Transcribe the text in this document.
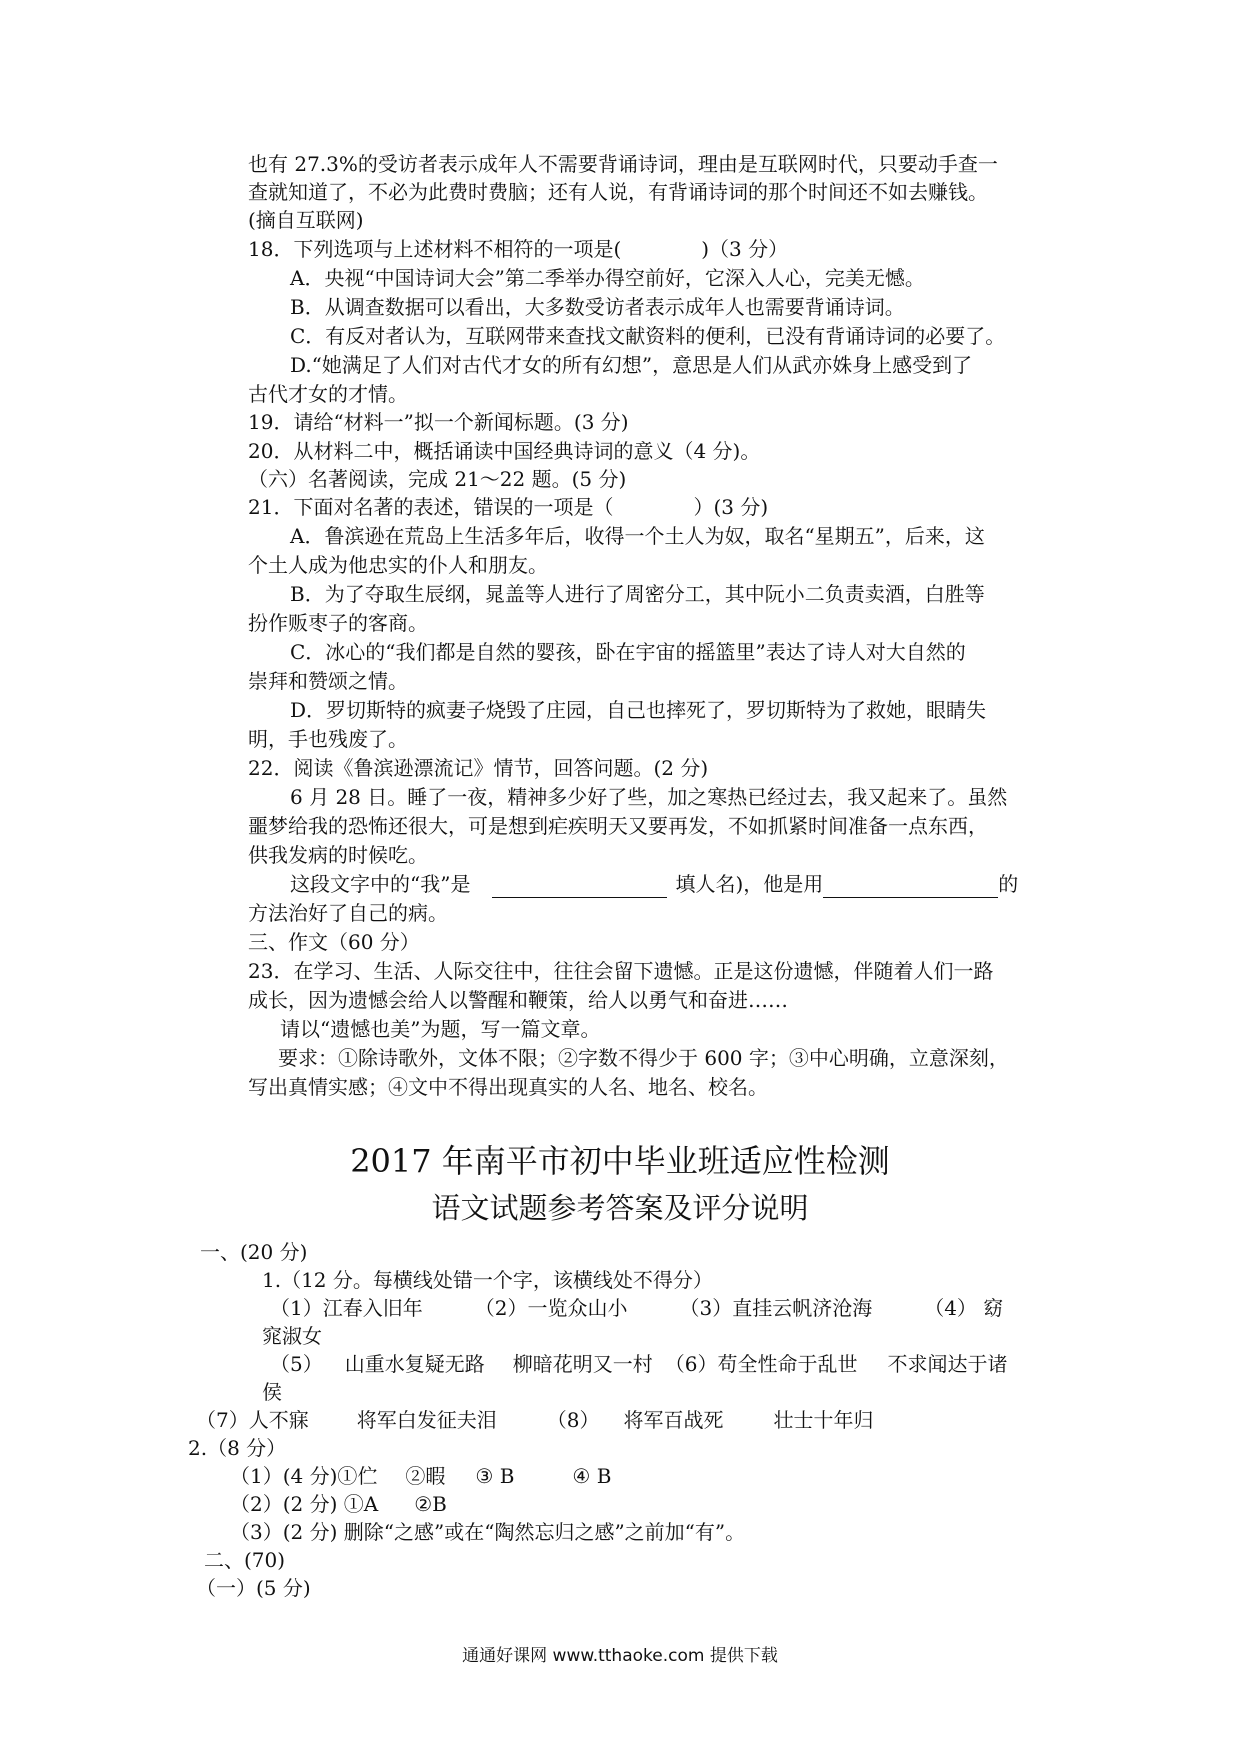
也有 27.3%的受访者表示成年人不需要背诵诗词，理由是互联网时代，只要动手查一
查就知道了，不必为此费时费脑；还有人说，有背诵诗词的那个时间还不如去赚钱。
(摘自互联网)
18．下列选项与上述材料不相符的一项是(　　　　)（3 分）
A．央视“中国诗词大会”第二季举办得空前好，它深入人心，完美无憾。
B．从调查数据可以看出，大多数受访者表示成年人也需要背诵诗词。
C．有反对者认为，互联网带来查找文献资料的便利，已没有背诵诗词的必要了。
D.“她满足了人们对古代才女的所有幻想”，意思是人们从武亦姝身上感受到了
古代才女的才情。
19．请给“材料一”拟一个新闻标题。(3 分)
20．从材料二中，概括诵读中国经典诗词的意义（4 分)。
（六）名著阅读，完成 21～22 题。(5 分)
21．下面对名著的表述，错误的一项是（　　　　）(3 分)
A．鲁滨逊在荒岛上生活多年后，收得一个土人为奴，取名“星期五”，后来，这
个土人成为他忠实的仆人和朋友。
B．为了夺取生辰纲，晁盖等人进行了周密分工，其中阮小二负责卖酒，白胜等
扮作贩枣子的客商。
C．冰心的“我们都是自然的婴孩，卧在宇宙的摇篮里”表达了诗人对大自然的
崇拜和赞颂之情。
D．罗切斯特的疯妻子烧毁了庄园，自己也摔死了，罗切斯特为了救她，眼睛失
明，手也残废了。
22．阅读《鲁滨逊漂流记》情节，回答问题。(2 分)
6 月 28 日。睡了一夜，精神多少好了些，加之寒热已经过去，我又起来了。虽然
噩梦给我的恐怖还很大，可是想到疟疾明天又要再发，不如抓紧时间准备一点东西，
供我发病的时候吃。
这段文字中的“我”是	填人名)，他是用	的
方法治好了自己的病。
三、作文（60 分）
23．在学习、生活、人际交往中，往往会留下遗憾。正是这份遗憾，伴随着人们一路
成长，因为遗憾会给人以警醒和鞭策，给人以勇气和奋进……
请以“遗憾也美”为题，写一篇文章。
要求：①除诗歌外，文体不限；②字数不得少于 600 字；③中心明确，立意深刻，
写出真情实感；④文中不得出现真实的人名、地名、校名。
2017 年南平市初中毕业班适应性检测
语文试题参考答案及评分说明
一、(20 分)
1.（12 分。每横线处错一个字，该横线处不得分）
（1）江春入旧年	（2）一览众山小	（3）直挂云帆济沧海	（4） 窈
窕淑女
（5） 山重水复疑无路 柳暗花明又一村 （6）苟全性命于乱世 不求闻达于诸
侯
（7）人不寐 将军白发征夫泪	（8） 将军百战死	壮士十年归
2.（8 分）
（1）(4 分)①伫 ②暇 ③ B	④ B
（2）(2 分) ①A ②B
（3）(2 分) 删除“之感”或在“陶然忘归之感”之前加“有”。
二、(70)
（一）(5 分)
通通好课网 www.tthaoke.com 提供下载
